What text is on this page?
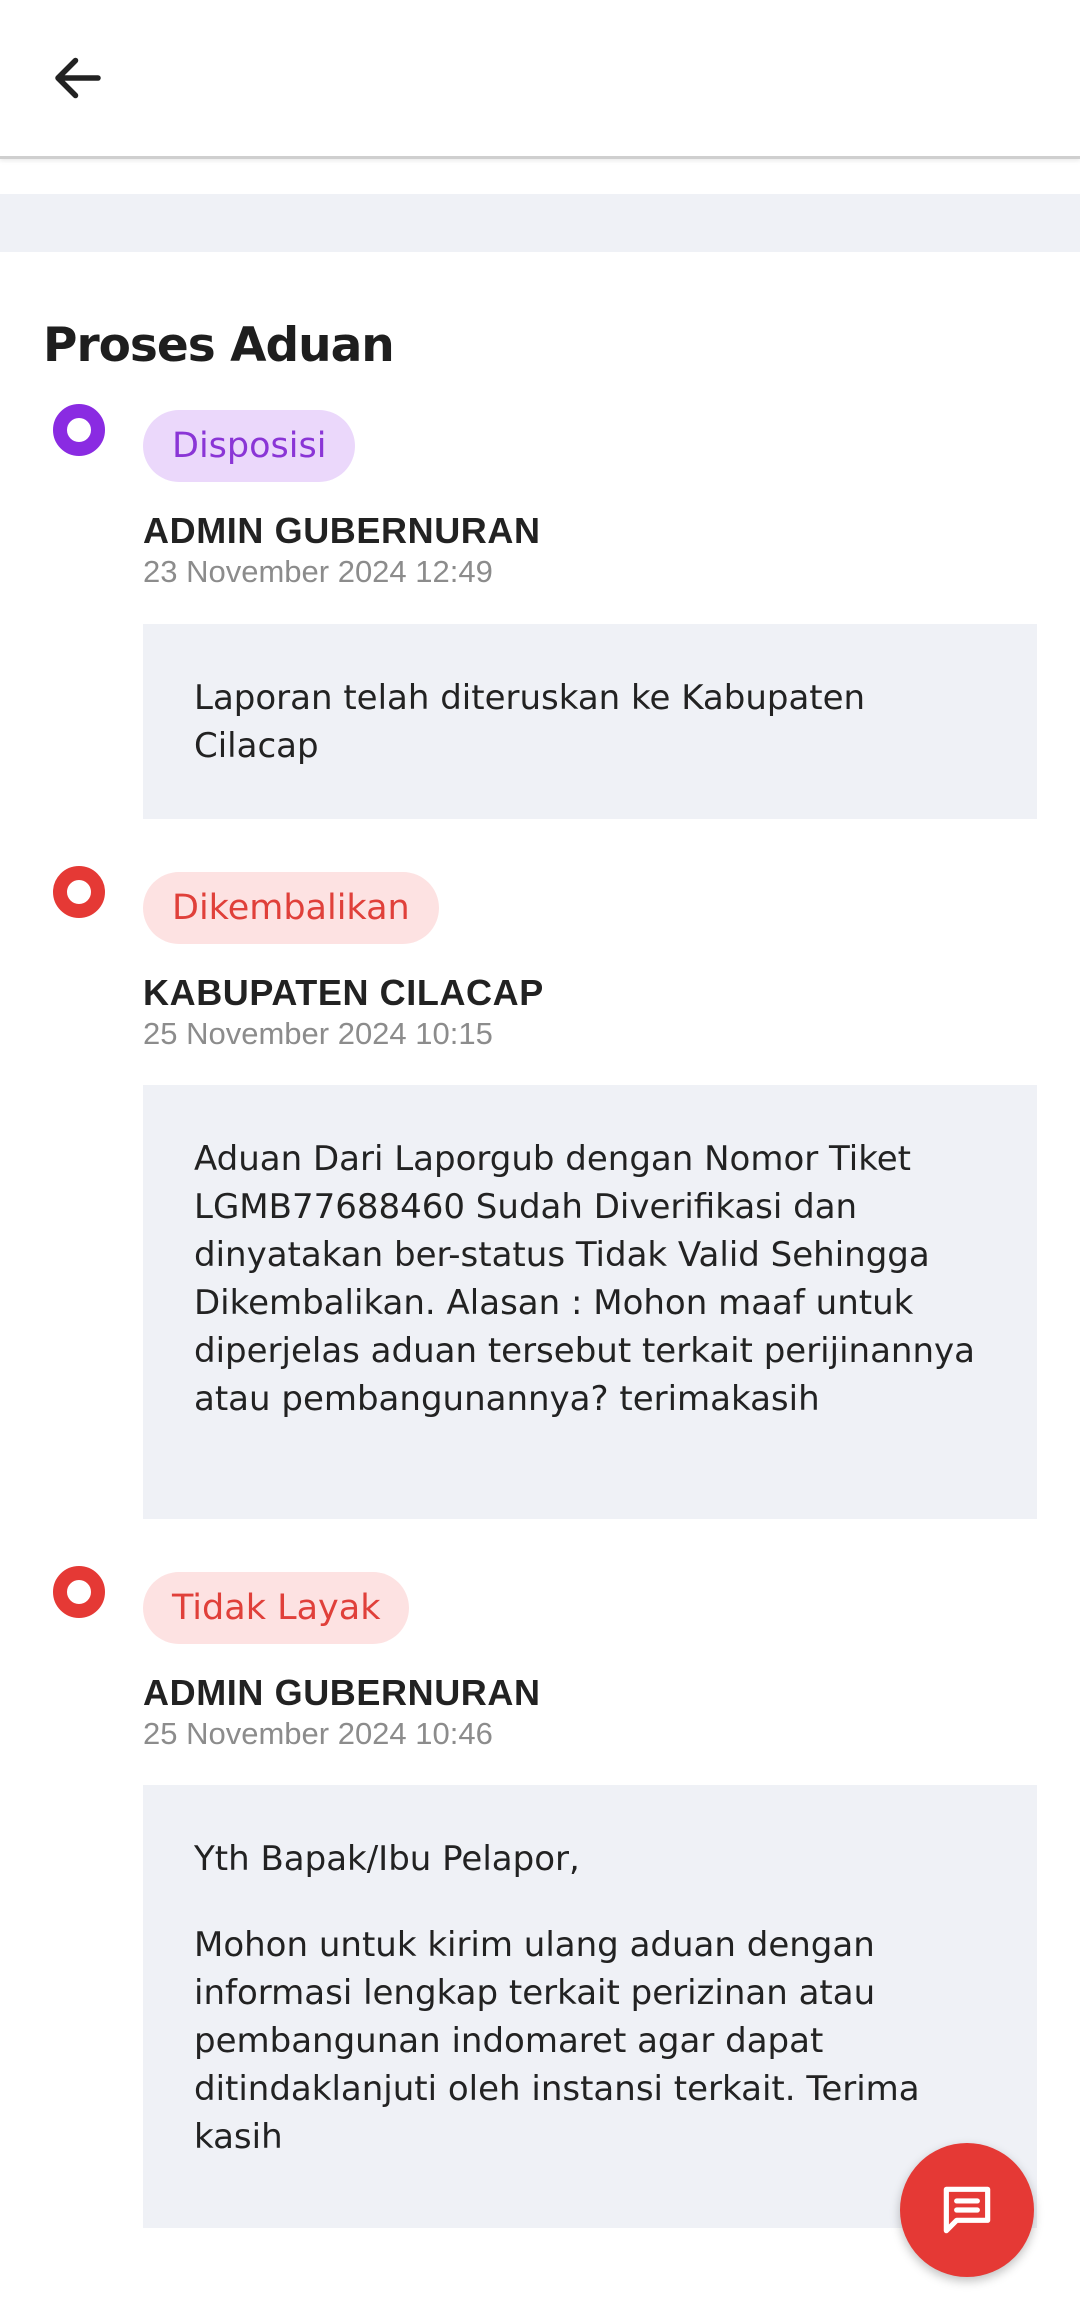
Proses Aduan
Disposisi
ADMIN GUBERNURAN
23 November 2024 12:49

Laporan telah diteruskan ke Kabupaten Cilacap

Dikembalikan
KABUPATEN CILACAP
25 November 2024 10:15

Aduan Dari Laporgub dengan Nomor Tiket LGMB77688460 Sudah Diverifikasi dan dinyatakan ber-status Tidak Valid Sehingga Dikembalikan. Alasan : Mohon maaf untuk diperjelas aduan tersebut terkait perijinannya atau pembangunannya? terimakasih

Tidak Layak
ADMIN GUBERNURAN
25 November 2024 10:46

Yth Bapak/Ibu Pelapor,

Mohon untuk kirim ulang aduan dengan informasi lengkap terkait perizinan atau pembangunan indomaret agar dapat ditindaklanjuti oleh instansi terkait. Terima kasih
